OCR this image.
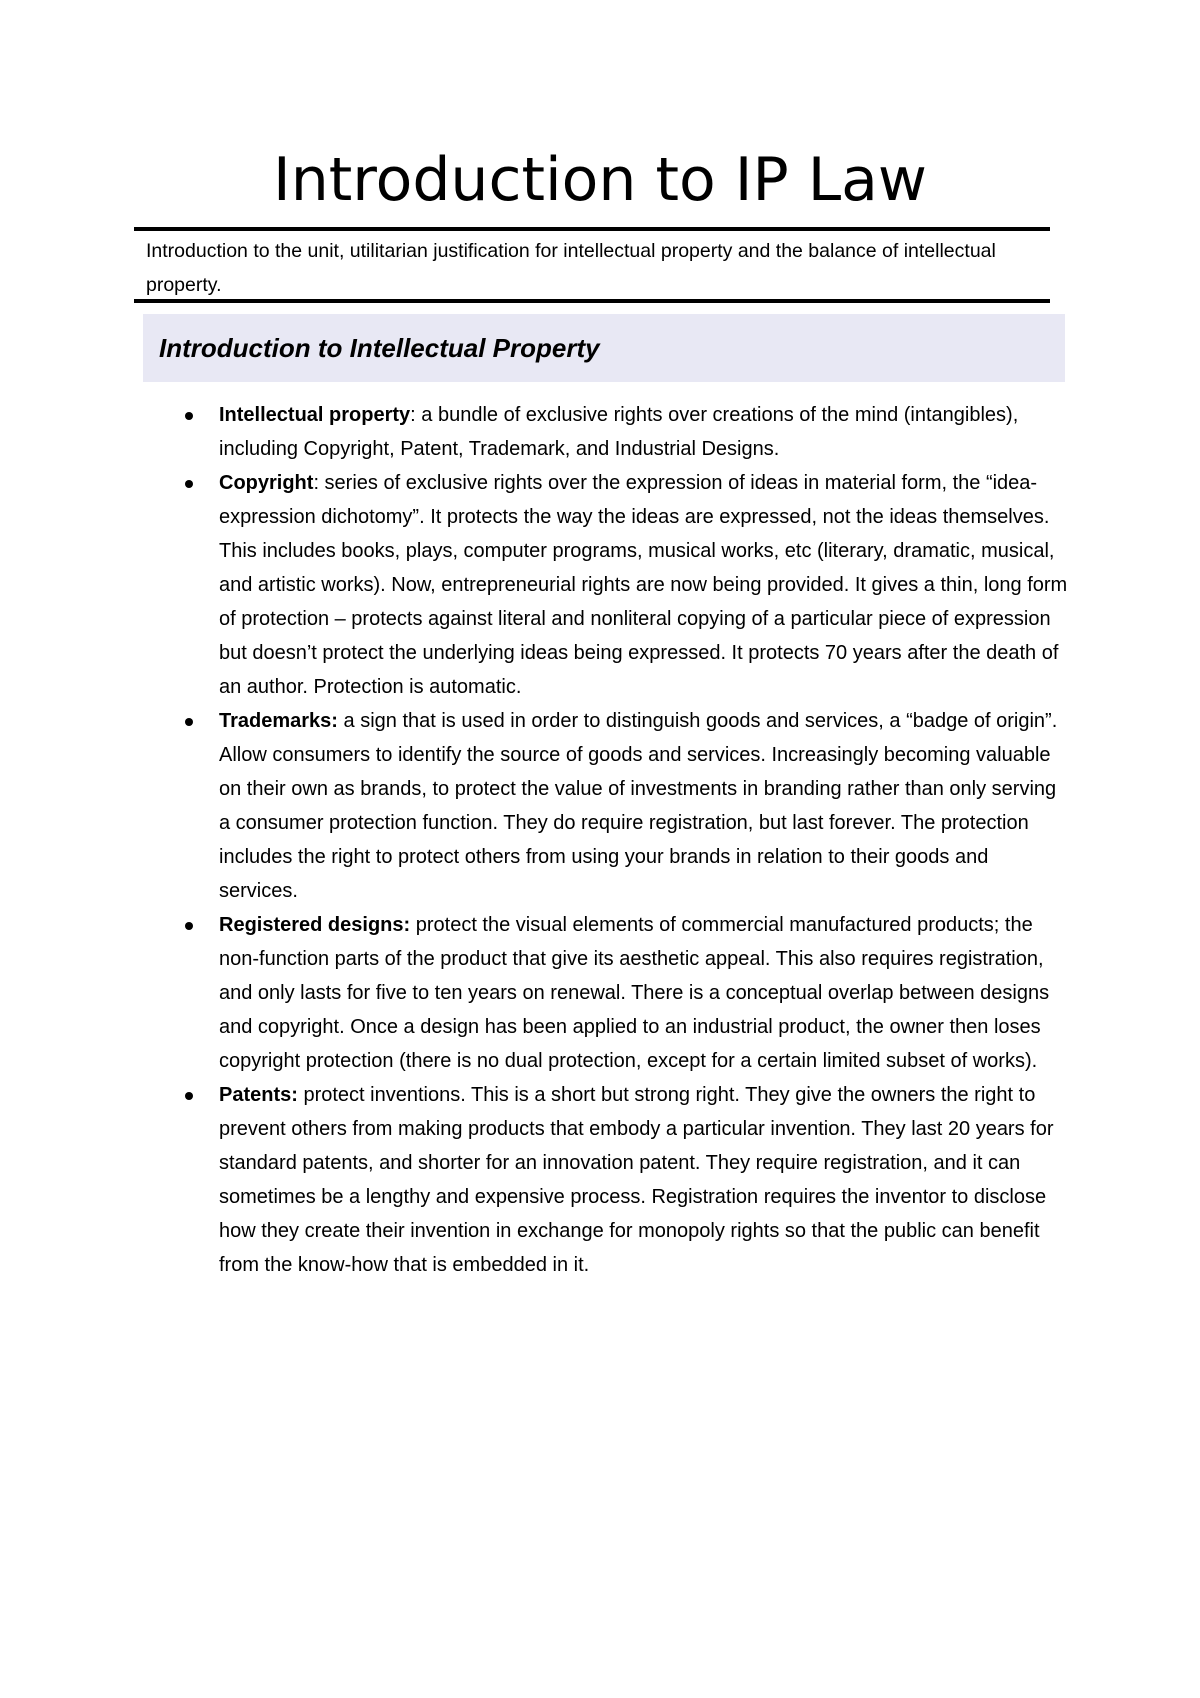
Introduction to IP Law

Introduction to the unit, utilitarian justification for intellectual property and the balance of intellectual property.

Introduction to Intellectual Property
Intellectual property: a bundle of exclusive rights over creations of the mind (intangibles), including Copyright, Patent, Trademark, and Industrial Designs.
Copyright: series of exclusive rights over the expression of ideas in material form, the “idea-expression dichotomy”. It protects the way the ideas are expressed, not the ideas themselves. This includes books, plays, computer programs, musical works, etc (literary, dramatic, musical, and artistic works). Now, entrepreneurial rights are now being provided. It gives a thin, long form of protection – protects against literal and nonliteral copying of a particular piece of expression but doesn’t protect the underlying ideas being expressed. It protects 70 years after the death of an author. Protection is automatic.
Trademarks: a sign that is used in order to distinguish goods and services, a “badge of origin”. Allow consumers to identify the source of goods and services. Increasingly becoming valuable on their own as brands, to protect the value of investments in branding rather than only serving a consumer protection function. They do require registration, but last forever. The protection includes the right to protect others from using your brands in relation to their goods and services.
Registered designs: protect the visual elements of commercial manufactured products; the non-function parts of the product that give its aesthetic appeal. This also requires registration, and only lasts for five to ten years on renewal. There is a conceptual overlap between designs and copyright. Once a design has been applied to an industrial product, the owner then loses copyright protection (there is no dual protection, except for a certain limited subset of works).
Patents: protect inventions. This is a short but strong right. They give the owners the right to prevent others from making products that embody a particular invention. They last 20 years for standard patents, and shorter for an innovation patent. They require registration, and it can sometimes be a lengthy and expensive process. Registration requires the inventor to disclose how they create their invention in exchange for monopoly rights so that the public can benefit from the know-how that is embedded in it.
